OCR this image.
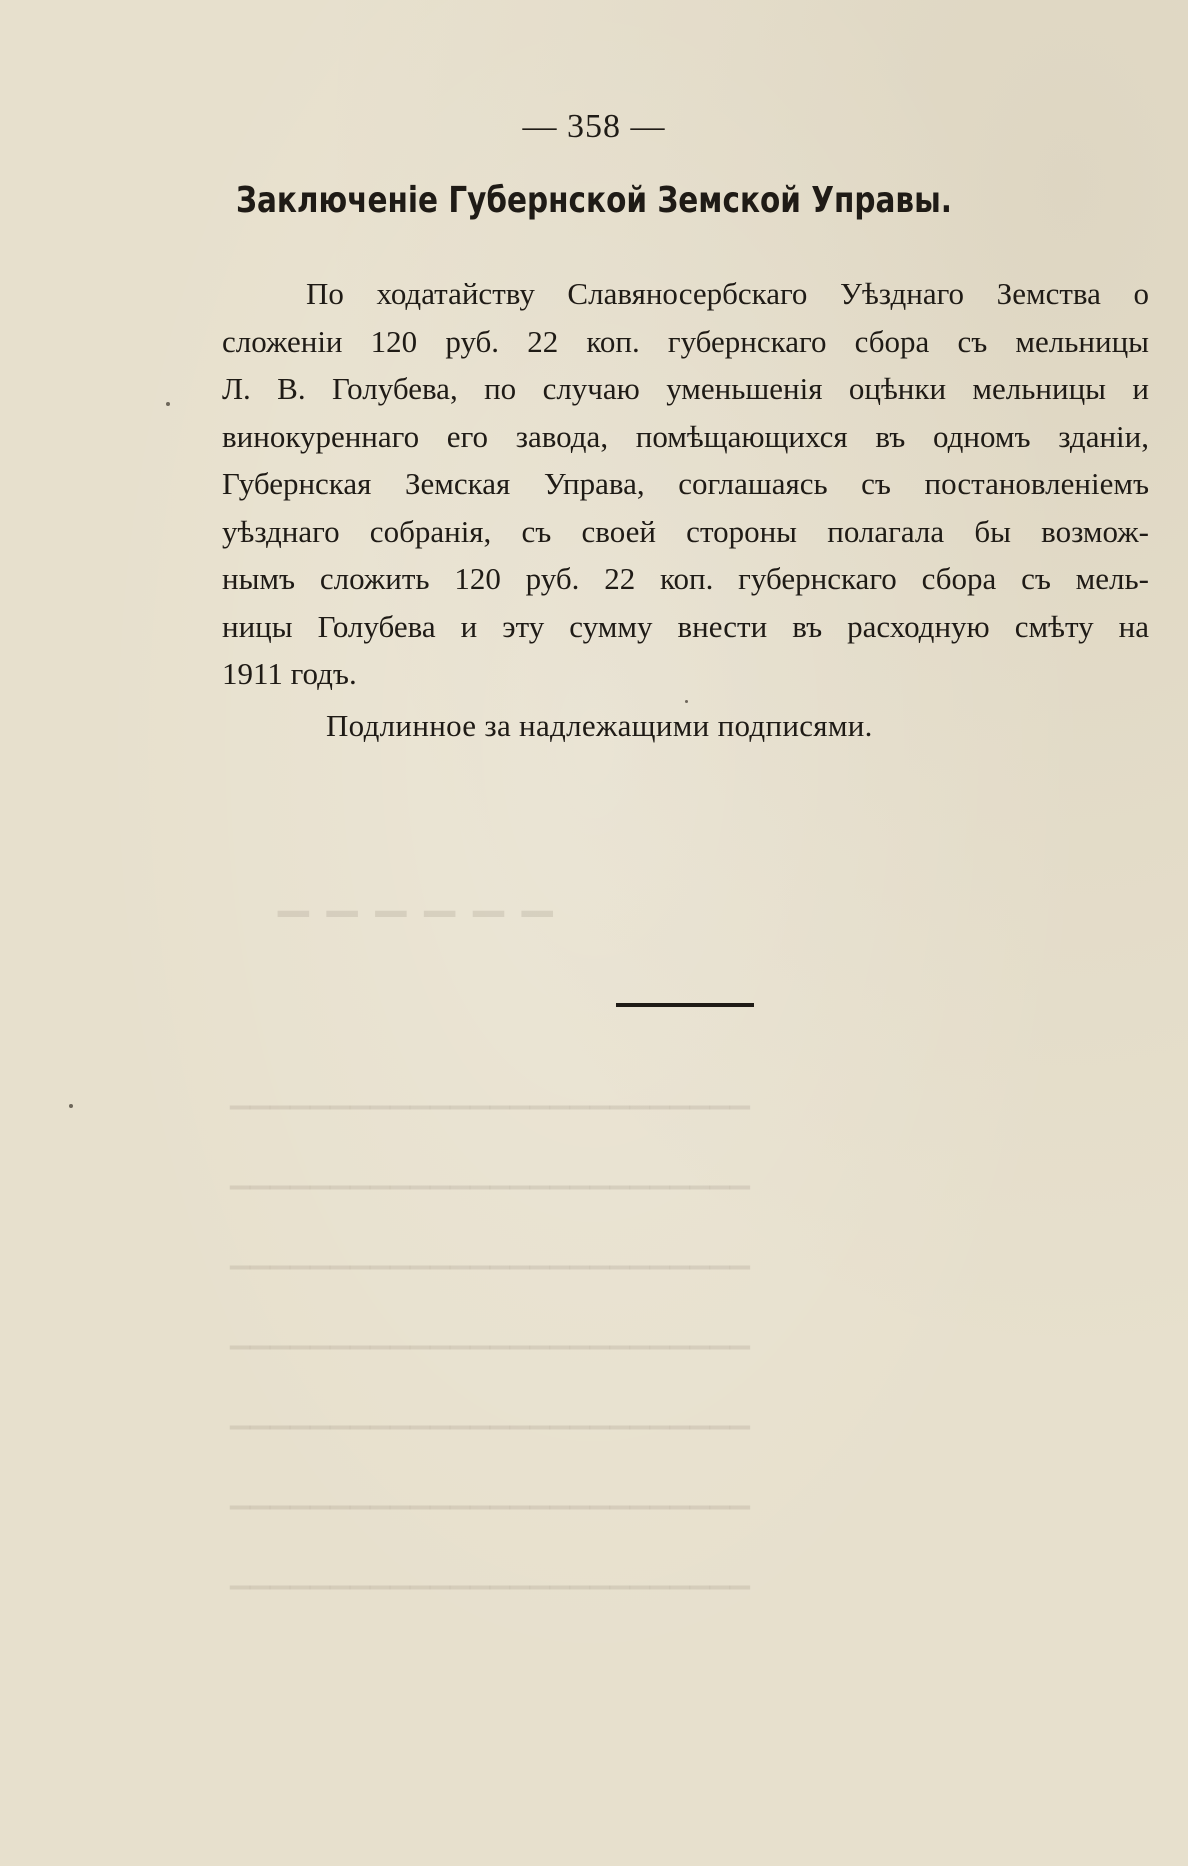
▁▁▁▁▁▁
▁▁▁▁▁▁▁▁▁▁▁▁▁▁▁▁▁▁▁▁▁▁▁▁▁▁
▁▁▁▁▁▁▁▁▁▁▁▁▁▁▁▁▁▁▁▁▁▁▁▁▁▁
▁▁▁▁▁▁▁▁▁▁▁▁▁▁▁▁▁▁▁▁▁▁▁▁▁▁
▁▁▁▁▁▁▁▁▁▁▁▁▁▁▁▁▁▁▁▁▁▁▁▁▁▁
▁▁▁▁▁▁▁▁▁▁▁▁▁▁▁▁▁▁▁▁▁▁▁▁▁▁
▁▁▁▁▁▁▁▁▁▁▁▁▁▁▁▁▁▁▁▁▁▁▁▁▁▁
▁▁▁▁▁▁▁▁▁▁▁▁▁▁▁▁▁▁▁▁▁▁▁▁▁▁
— 358 —
Заключеніе Губернской Земской Управы.

По ходатайству Славяносербскаго Уѣзднаго Земства о
сложеніи 120 руб. 22 коп. губернскаго сбора съ мельницы
Л. В. Голубева, по случаю уменьшенія оцѣнки мельницы и
винокуреннаго его завода, помѣщающихся въ одномъ зданіи,
Губернская Земская Управа, соглашаясь съ постановленіемъ
уѣзднаго собранія, съ своей стороны полагала бы возмож-
нымъ сложить 120 руб. 22 коп. губернскаго сбора съ мель-
ницы Голубева и эту сумму внести въ расходную смѣту на
1911 годъ.

Подлинное за надлежащими подписями.
